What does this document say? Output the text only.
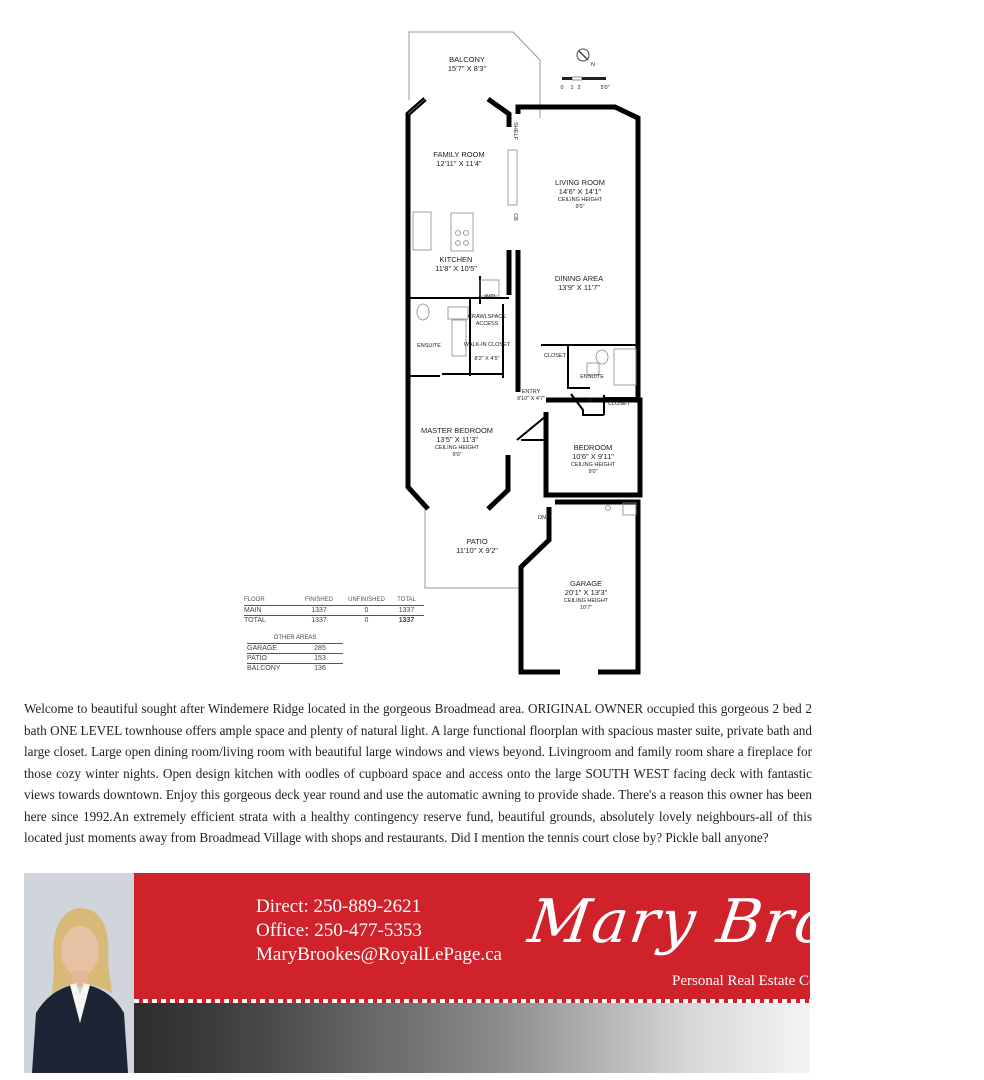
N
0 1 2	5'0"
BALCONY
15'7" X 8'3"
FAMILY ROOM
12'11" X 11'4"
LIVING ROOM
14'6" X 14'1"
CEILING HEIGHT
9'0"
KITCHEN
11'8" X 10'5"
DINING AREA
13'9" X 11'7"
WALK-IN CLOSET
8'2" X 4'5"
ENTRY
9'10" X 4'7"
MASTER BEDROOM
13'5" X 11'3"
CEILING HEIGHT
9'0"
BEDROOM
10'6" X 9'11"
CEILING HEIGHT
9'0"
PATIO
11'10" X 9'2"
GARAGE
20'1" X 13'3"
CEILING HEIGHT
10'7"
SHELF
CB
W/D
CRAWLSPACE
ACCESS
ENSUITE
CLOSET
ENSUITE
CL	CLOSET
DN
FLOOR	FINISHED	UNFINISHED	TOTAL
MAIN	1337	0	1337
TOTAL	1337	0	1337
OTHER AREAS
GARAGE	285
PATIO	153
BALCONY	136

Welcome to beautiful sought after Windemere Ridge located in the gorgeous Broadmead area. ORIGINAL OWNER occupied this gorgeous 2 bed 2 bath ONE LEVEL townhouse offers ample space and plenty of natural light. A large functional floorplan with spacious master suite, private bath and large closet. Large open dining room/living room with beautiful large windows and views beyond. Livingroom and family room share a fireplace for those cozy winter nights. Open design kitchen with oodles of cupboard space and access onto the large SOUTH WEST facing deck with fantastic views towards downtown. Enjoy this gorgeous deck year round and use the automatic awning to provide shade. There's a reason this owner has been here since 1992.An extremely efficient strata with a healthy contingency reserve fund, beautiful grounds, absolutely lovely neighbours-all of this located just moments away from Broadmead Village with shops and restaurants. Did I mention the tennis court close by? Pickle ball anyone?

Direct: 250-889-2621
Office: 250-477-5353
MaryBrookes@RoyalLePage.ca Mary Brookes
Personal Real Estate Corporation
